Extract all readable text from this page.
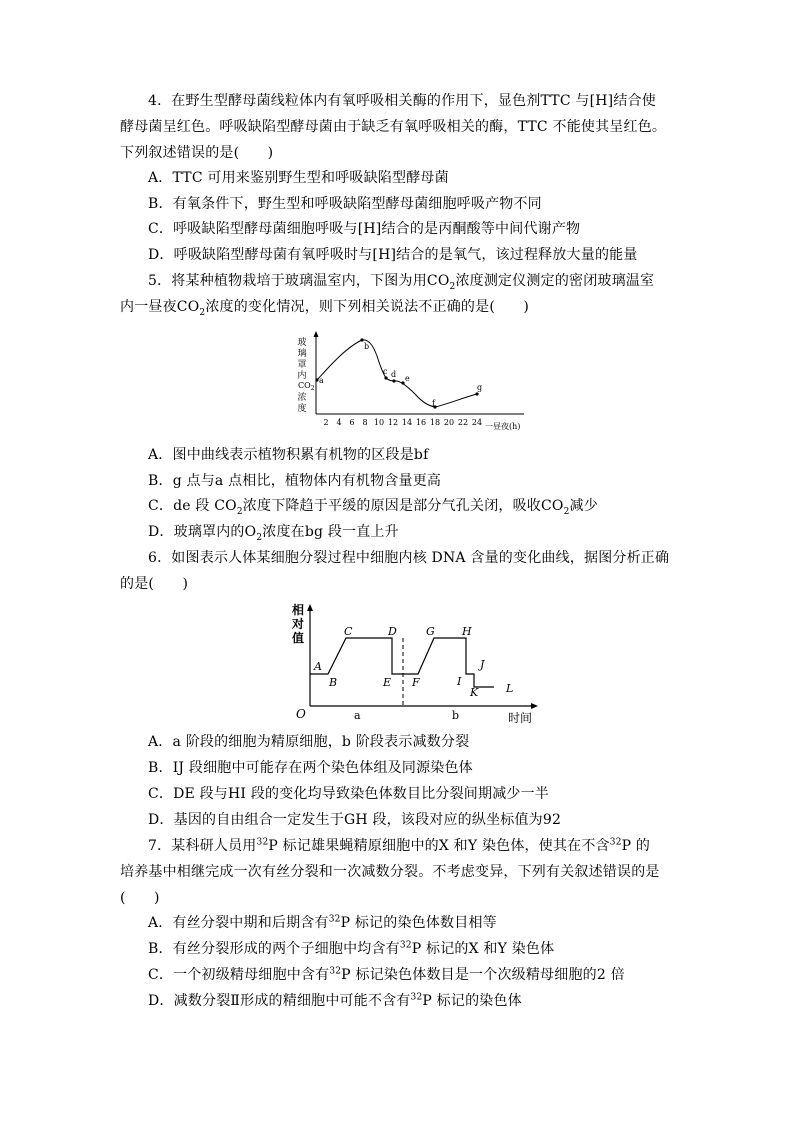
4．在野生型酵母菌线粒体内有氧呼吸相关酶的作用下，显色剂TTC 与[H]结合使
酵母菌呈红色。呼吸缺陷型酵母菌由于缺乏有氧呼吸相关的酶，TTC 不能使其呈红色。
下列叙述错误的是(　　)
A．TTC 可用来鉴别野生型和呼吸缺陷型酵母菌
B．有氧条件下，野生型和呼吸缺陷型酵母菌细胞呼吸产物不同
C．呼吸缺陷型酵母菌细胞呼吸与[H]结合的是丙酮酸等中间代谢产物
D．呼吸缺陷型酵母菌有氧呼吸时与[H]结合的是氧气，该过程释放大量的能量
5．将某种植物栽培于玻璃温室内，下图为用$CO_2$浓度测定仪测定的密闭玻璃温室
内一昼夜$CO_2$浓度的变化情况，则下列相关说法不正确的是(　　)
玻
璃
罩
内
$CO_2$
浓
度
2 4 6 8 10 12 14 16 18 20 22 24 一昼夜(h)
a
b
c d e
f
g
A．图中曲线表示植物积累有机物的区段是bf
B．g 点与a 点相比，植物体内有机物含量更高
C．de 段 $CO_2$浓度下降趋于平缓的原因是部分气孔关闭，吸收$CO_2$减少
D．玻璃罩内的$O_2$浓度在bg 段一直上升
6．如图表示人体某细胞分裂过程中细胞内核 DNA 含量的变化曲线，据图分析正确
的是(　　)
相
对
值
O	时间
a	b
A
B
C	D
E F
G H
I
J
K	L
A．a 阶段的细胞为精原细胞，b 阶段表示减数分裂
B．IJ 段细胞中可能存在两个染色体组及同源染色体
C．DE 段与HI 段的变化均导致染色体数目比分裂间期减少一半
D．基因的自由组合一定发生于GH 段，该段对应的纵坐标值为92
7．某科研人员用$^{32}$P 标记雄果蝇精原细胞中的X 和Y 染色体，使其在不含$^{32}$P 的
培养基中相继完成一次有丝分裂和一次减数分裂。不考虑变异，下列有关叙述错误的是
(　　)
A．有丝分裂中期和后期含有$^{32}$P 标记的染色体数目相等
B．有丝分裂形成的两个子细胞中均含有$^{32}$P 标记的X 和Y 染色体
C．一个初级精母细胞中含有$^{32}$P 标记染色体数目是一个次级精母细胞的2 倍
D．减数分裂Ⅱ形成的精细胞中可能不含有$^{32}$P 标记的染色体
